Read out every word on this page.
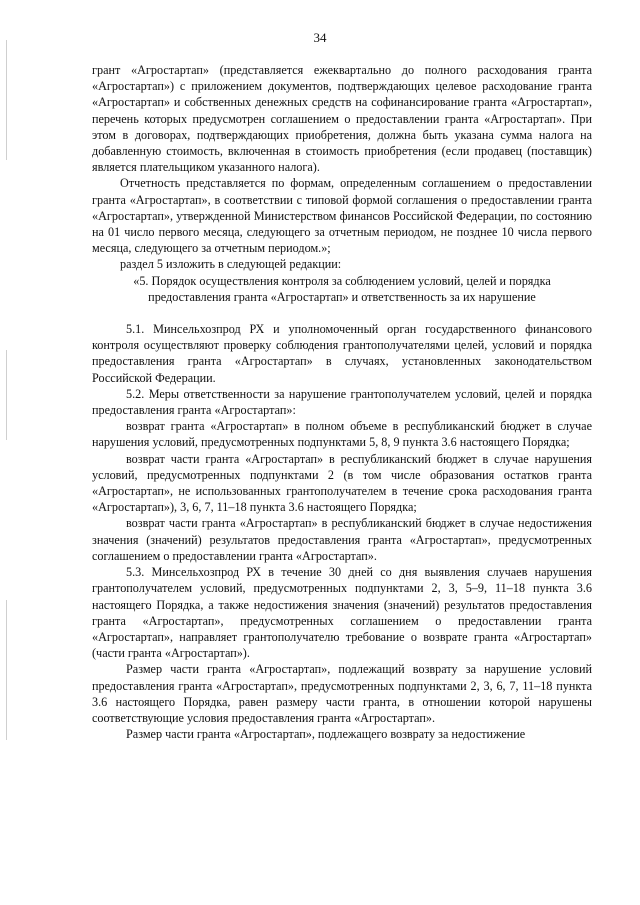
34

грант «Агростартап» (представляется ежеквартально до полного расходования гранта «Агростартап») с приложением документов, подтверждающих целевое расходование гранта «Агростартап» и собственных денежных средств на софинансирование гранта «Агростартап», перечень которых предусмотрен соглашением о предоставлении гранта «Агростартап». При этом в договорах, подтверждающих приобретения, должна быть указана сумма налога на добавленную стоимость, включенная в стоимость приобретения (если продавец (поставщик) является плательщиком указанного налога).

Отчетность представляется по формам, определенным соглашением о предоставлении гранта «Агростартап», в соответствии с типовой формой соглашения о предоставлении гранта «Агростартап», утвержденной Министерством финансов Российской Федерации, по состоянию на 01 число первого месяца, следующего за отчетным периодом, не позднее 10 числа первого месяца, следующего за отчетным периодом.»;

раздел 5 изложить в следующей редакции:

«5. Порядок осуществления контроля за соблюдением условий, целей и порядка предоставления гранта «Агростартап» и ответственность за их нарушение

5.1. Минсельхозпрод РХ и уполномоченный орган государственного финансового контроля осуществляют проверку соблюдения грантополучателями целей, условий и порядка предоставления гранта «Агростартап» в случаях, установленных законодательством Российской Федерации.

5.2. Меры ответственности за нарушение грантополучателем условий, целей и порядка предоставления гранта «Агростартап»:

возврат гранта «Агростартап» в полном объеме в республиканский бюджет в случае нарушения условий, предусмотренных подпунктами 5, 8, 9 пункта 3.6 настоящего Порядка;

возврат части гранта «Агростартап» в республиканский бюджет в случае нарушения условий, предусмотренных подпунктами 2 (в том числе образования остатков гранта «Агростартап», не использованных грантополучателем в течение срока расходования гранта «Агростартап»), 3, 6, 7, 11–18 пункта 3.6 настоящего Порядка;

возврат части гранта «Агростартап» в республиканский бюджет в случае недостижения значения (значений) результатов предоставления гранта «Агростартап», предусмотренных соглашением о предоставлении гранта «Агростартап».

5.3. Минсельхозпрод РХ в течение 30 дней со дня выявления случаев нарушения грантополучателем условий, предусмотренных подпунктами 2, 3, 5–9, 11–18 пункта 3.6 настоящего Порядка, а также недостижения значения (значений) результатов предоставления гранта «Агростартап», предусмотренных соглашением о предоставлении гранта «Агростартап», направляет грантополучателю требование о возврате гранта «Агростартап» (части гранта «Агростартап»).

Размер части гранта «Агростартап», подлежащий возврату за нарушение условий предоставления гранта «Агростартап», предусмотренных подпунктами 2, 3, 6, 7, 11–18 пункта 3.6 настоящего Порядка, равен размеру части гранта, в отношении которой нарушены соответствующие условия предоставления гранта «Агростартап».

Размер части гранта «Агростартап», подлежащего возврату за недостижение
